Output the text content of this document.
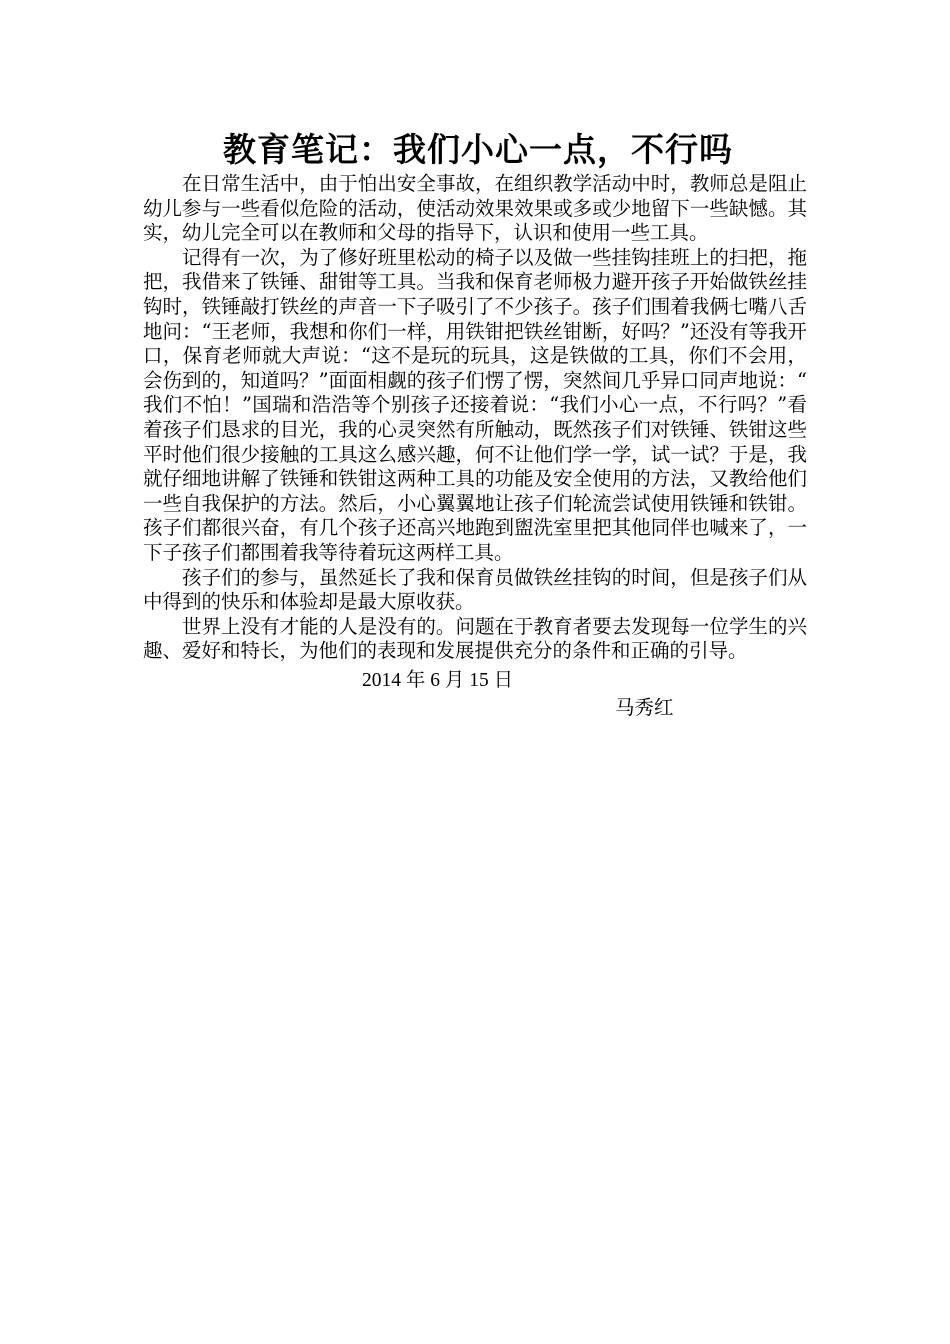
教育笔记：我们小心一点，不行吗

在日常生活中，由于怕出安全事故，在组织教学活动中时，教师总是阻止幼儿参与一些看似危险的活动，使活动效果效果或多或少地留下一些缺憾。其实，幼儿完全可以在教师和父母的指导下，认识和使用一些工具。

记得有一次，为了修好班里松动的椅子以及做一些挂钩挂班上的扫把，拖把，我借来了铁锤、甜钳等工具。当我和保育老师极力避开孩子开始做铁丝挂钩时，铁锤敲打铁丝的声音一下子吸引了不少孩子。孩子们围着我俩七嘴八舌地问：“王老师，我想和你们一样，用铁钳把铁丝钳断，好吗？”还没有等我开口，保育老师就大声说：“这不是玩的玩具，这是铁做的工具，你们不会用，会伤到的，知道吗？”面面相觑的孩子们愣了愣，突然间几乎异口同声地说：“我们不怕！”国瑞和浩浩等个别孩子还接着说：“我们小心一点，不行吗？”看着孩子们恳求的目光，我的心灵突然有所触动，既然孩子们对铁锤、铁钳这些平时他们很少接触的工具这么感兴趣，何不让他们学一学，试一试？于是，我就仔细地讲解了铁锤和铁钳这两种工具的功能及安全使用的方法，又教给他们一些自我保护的方法。然后，小心翼翼地让孩子们轮流尝试使用铁锤和铁钳。孩子们都很兴奋，有几个孩子还高兴地跑到盥洗室里把其他同伴也喊来了，一下子孩子们都围着我等待着玩这两样工具。

孩子们的参与，虽然延长了我和保育员做铁丝挂钩的时间，但是孩子们从中得到的快乐和体验却是最大原收获。

世界上没有才能的人是没有的。问题在于教育者要去发现每一位学生的兴趣、爱好和特长，为他们的表现和发展提供充分的条件和正确的引导。

2014 年 6 月 15 日

马秀红
